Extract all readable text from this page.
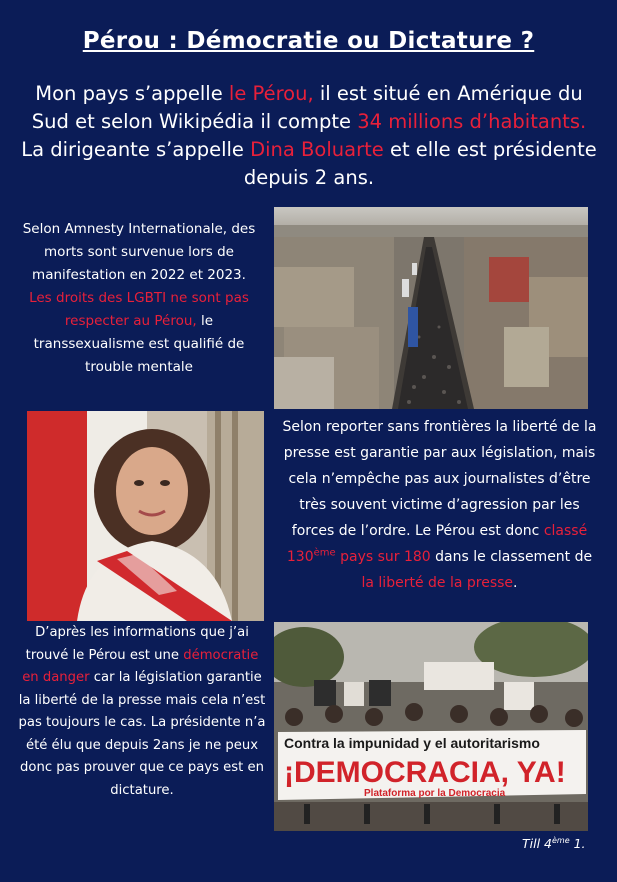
Pérou : Démocratie ou Dictature ?
Mon pays s’appelle le Pérou, il est situé en Amérique du Sud et selon Wikipédia il compte 34 millions d’habitants. La dirigeante s’appelle Dina Boluarte et elle est présidente depuis 2 ans.
Selon Amnesty Internationale, des morts sont survenue lors de manifestation en 2022 et 2023. Les droits des LGBTI ne sont pas respecter au Pérou, le transsexualisme est qualifié de trouble mentale
Selon reporter sans frontières la liberté de la presse est garantie par aux législation, mais cela n’empêche pas aux journalistes d’être très souvent victime d’agression par les forces de l’ordre. Le Pérou est donc classé 130ème pays sur 180 dans le classement de la liberté de la presse.
D’après les informations que j’ai trouvé le Pérou est une démocratie en danger car la législation garantie la liberté de la presse mais cela n’est pas toujours le cas. La présidente n’a été élu que depuis 2ans je ne peux donc pas prouver que ce pays est en dictature.
Contra la impunidad y el autoritarismo
¡DEMOCRACIA, YA!
Plataforma por la Democracia
Till 4ème 1.
